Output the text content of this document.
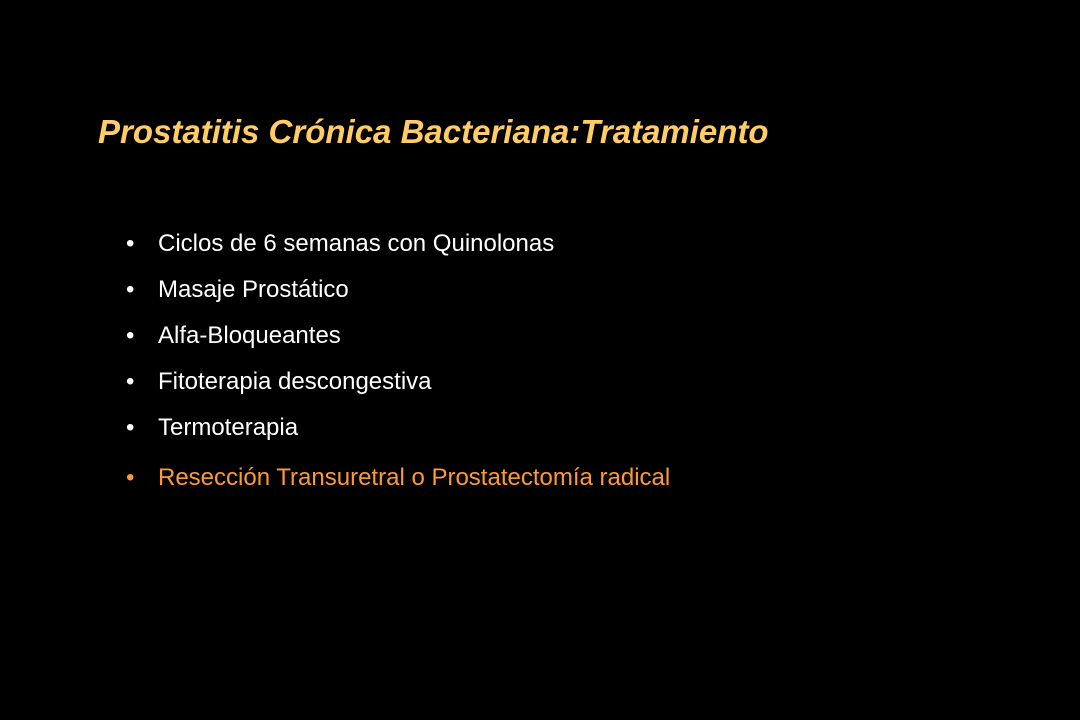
Prostatitis Crónica Bacteriana:Tratamiento
• Ciclos de 6 semanas con Quinolonas
• Masaje Prostático
• Alfa-Bloqueantes
• Fitoterapia descongestiva
• Termoterapia
• Resección Transuretral o Prostatectomía radical
